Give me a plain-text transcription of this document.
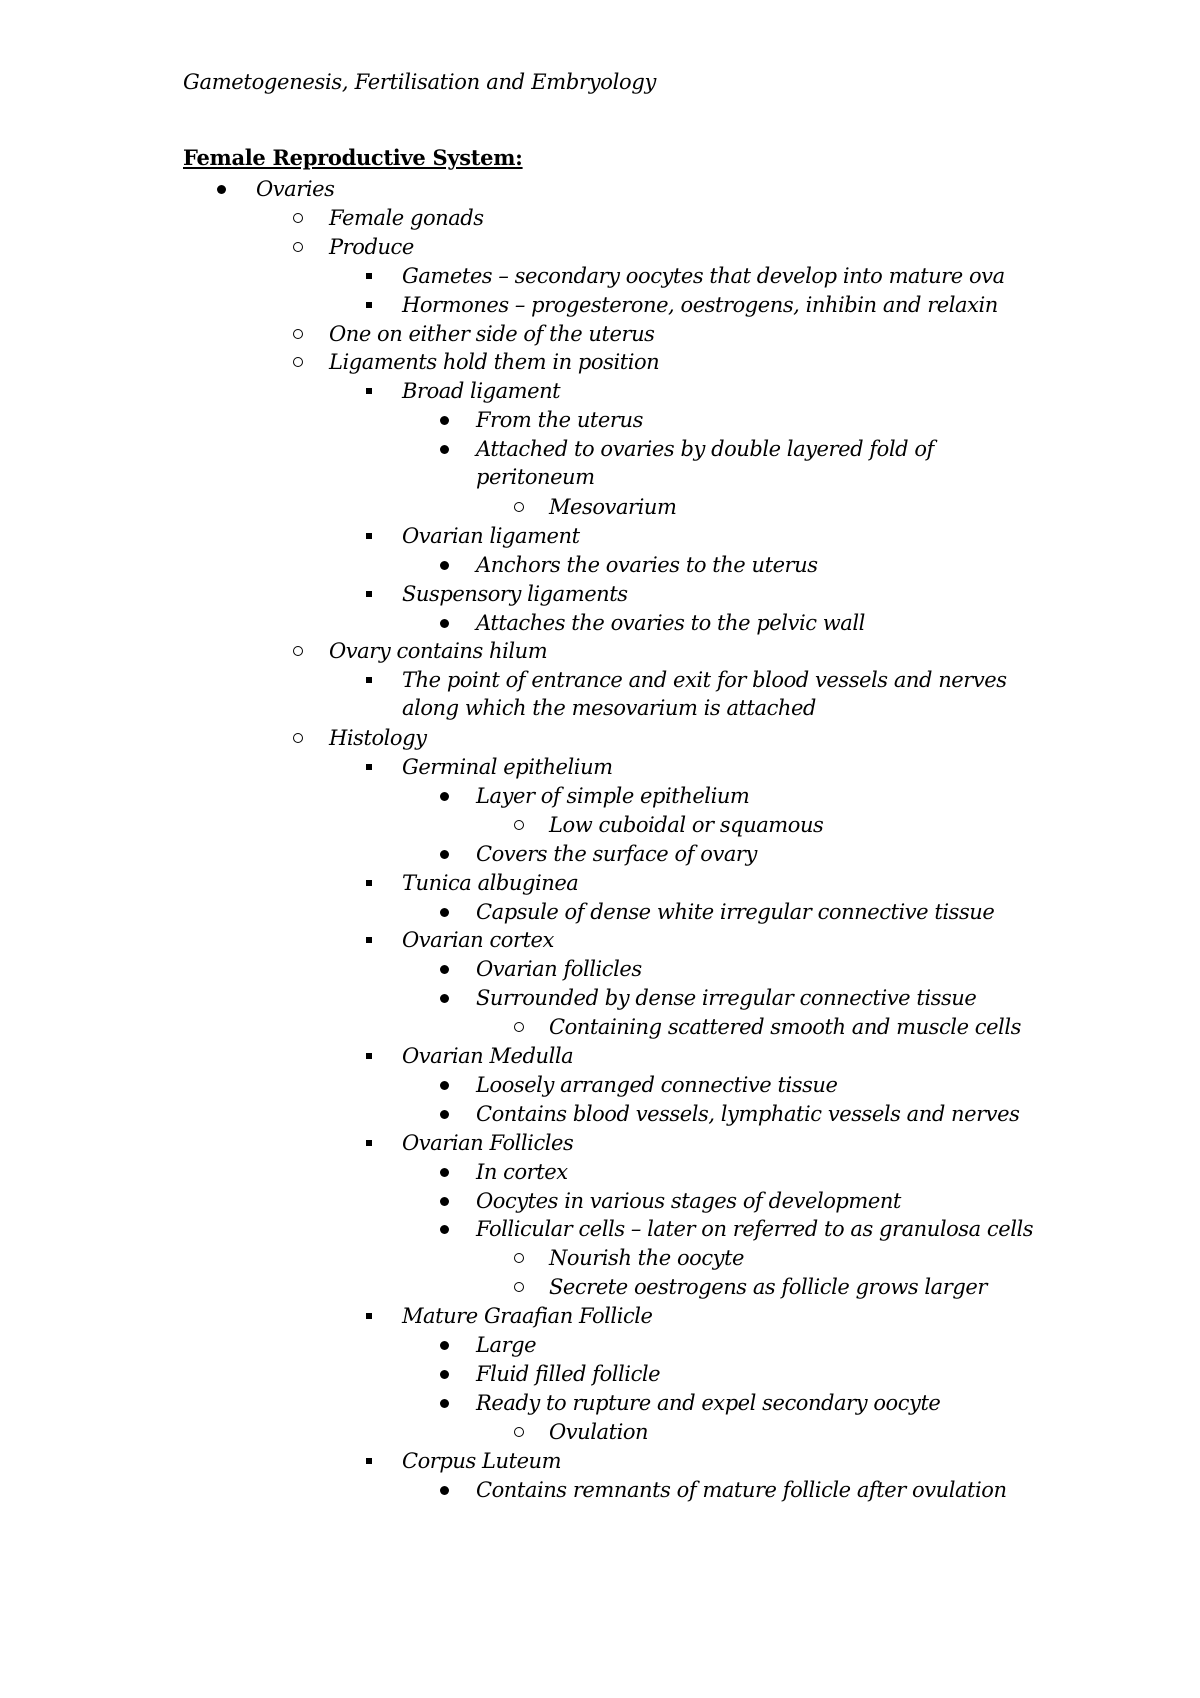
Gametogenesis, Fertilisation and Embryology
Female Reproductive System:
Ovaries
Female gonads
Produce
Gametes – secondary oocytes that develop into mature ova
Hormones – progesterone, oestrogens, inhibin and relaxin
One on either side of the uterus
Ligaments hold them in position
Broad ligament
From the uterus
Attached to ovaries by double layered fold of
peritoneum
Mesovarium
Ovarian ligament
Anchors the ovaries to the uterus
Suspensory ligaments
Attaches the ovaries to the pelvic wall
Ovary contains hilum
The point of entrance and exit for blood vessels and nerves
along which the mesovarium is attached
Histology
Germinal epithelium
Layer of simple epithelium
Low cuboidal or squamous
Covers the surface of ovary
Tunica albuginea
Capsule of dense white irregular connective tissue
Ovarian cortex
Ovarian follicles
Surrounded by dense irregular connective tissue
Containing scattered smooth and muscle cells
Ovarian Medulla
Loosely arranged connective tissue
Contains blood vessels, lymphatic vessels and nerves
Ovarian Follicles
In cortex
Oocytes in various stages of development
Follicular cells – later on referred to as granulosa cells
Nourish the oocyte
Secrete oestrogens as follicle grows larger
Mature Graafian Follicle
Large
Fluid filled follicle
Ready to rupture and expel secondary oocyte
Ovulation
Corpus Luteum
Contains remnants of mature follicle after ovulation
